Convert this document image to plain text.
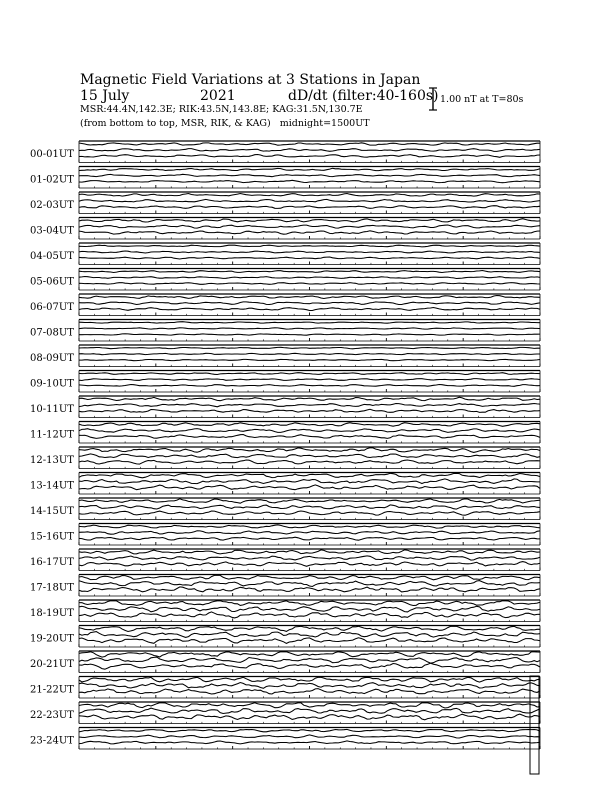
Magnetic Field Variations at 3 Stations in Japan
15 July	2021	dD/dt (filter:40-160s)
MSR:44.4N,142.3E; RIK:43.5N,143.8E; KAG:31.5N,130.7E
(from bottom to top, MSR, RIK, & KAG) midnight=1500UT
1.00 nT at T=80s
00-01UT
01-02UT
02-03UT
03-04UT
04-05UT
05-06UT
06-07UT
07-08UT
08-09UT
09-10UT
10-11UT
11-12UT
12-13UT
13-14UT
14-15UT
15-16UT
16-17UT
17-18UT
18-19UT
19-20UT
20-21UT
21-22UT
22-23UT
23-24UT
